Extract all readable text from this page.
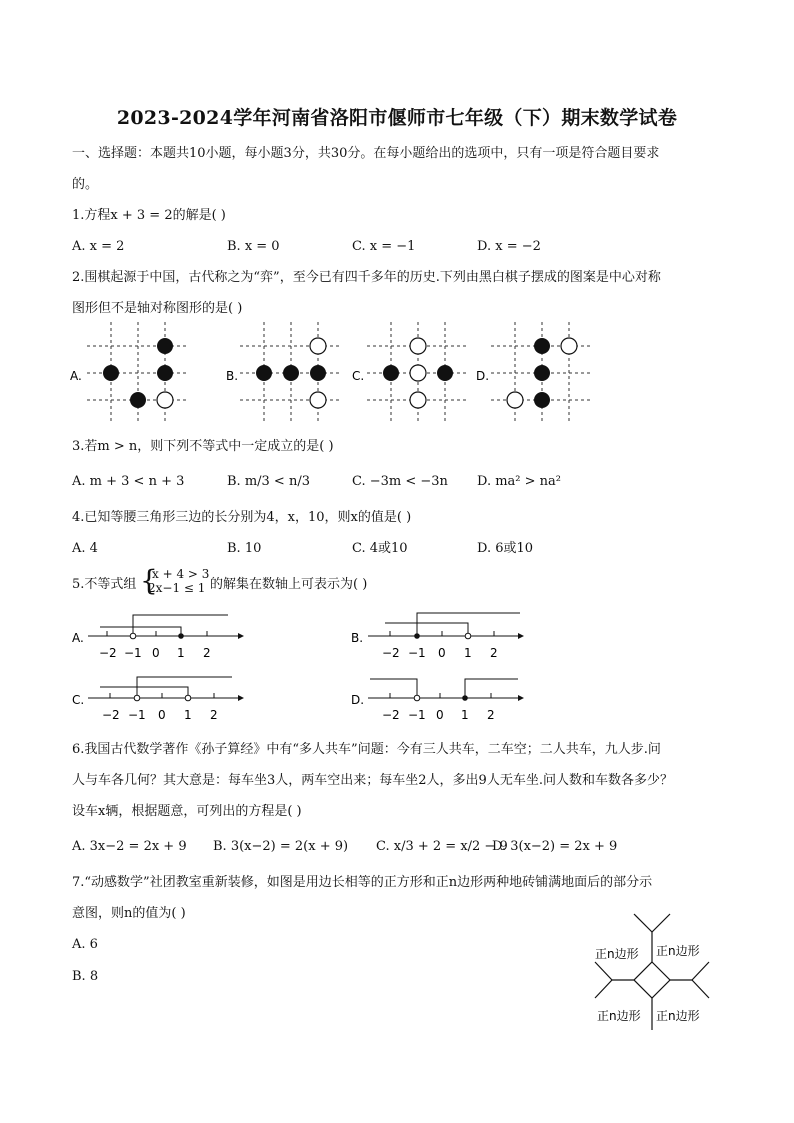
2023-2024学年河南省洛阳市偃师市七年级（下）期末数学试卷
一、选择题：本题共10小题，每小题3分，共30分。在每小题给出的选项中，只有一项是符合题目要求
的。
1.方程x + 3 = 2的解是( )
A. x = 2	B. x = 0	C. x = −1	D. x = −2
2.围棋起源于中国，古代称之为“弈”，至今已有四千多年的历史.下列由黑白棋子摆成的图案是中心对称
图形但不是轴对称图形的是( )
A.	B.	C.	D.
3.若m > n，则下列不等式中一定成立的是( )
A. m + 3 < n + 3	B. m/3 < n/3	C. −3m < −3n D. ma² > na²
4.已知等腰三角形三边的长分别为4，x，10，则x的值是( )
A. 4	B. 10	C. 4或10	D. 6或10
5.不等式组 {
x + 4 > 3
2x−1 ≤ 1 的解集在数轴上可表示为( )
A.
−2 −1 0 1 2
B.
−2 −1 0 1 2
C.
−2 −1 0 1 2
D.
−2 −1 0 1 2
6.我国古代数学著作《孙子算经》中有“多人共车”问题：今有三人共车，二车空；二人共车，九人步.问
人与车各几何？其大意是：每车坐3人，两车空出来；每车坐2人，多出9人无车坐.问人数和车数各多少？
设车x辆，根据题意，可列出的方程是( )
A. 3x−2 = 2x + 9 B. 3(x−2) = 2(x + 9) C. x/3 + 2 = x/2 − 9
D. 3(x−2) = 2x + 9
7.“动感数学”社团教室重新装修，如图是用边长相等的正方形和正n边形两种地砖铺满地面后的部分示
意图，则n的值为( )
A. 6
B. 8
正n边形 正n边形
正n边形 正n边形
